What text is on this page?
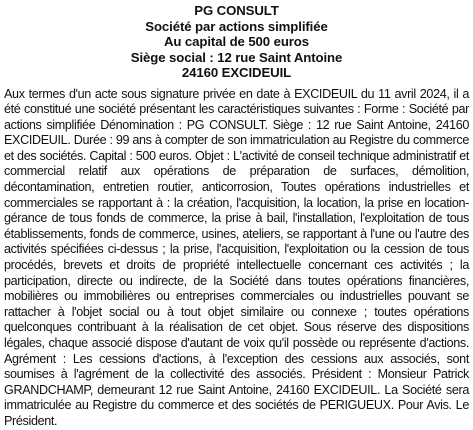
PG CONSULT
Société par actions simplifiée
Au capital de 500 euros
Siège social : 12 rue Saint Antoine
24160 EXCIDEUIL

Aux termes d'un acte sous signature privée en date à EXCIDEUIL du 11 avril 2024, il a été constitué une société présentant les caractéristiques suivantes : Forme : Société par actions simplifiée Dénomination : PG CONSULT. Siège : 12 rue Saint Antoine, 24160 EXCIDEUIL. Durée : 99 ans à compter de son immatriculation au Registre du commerce et des sociétés. Capital : 500 euros. Objet : L'activité de conseil technique administratif et commercial relatif aux opérations de préparation de surfaces, démolition, décontamination, entretien routier, anticorrosion, Toutes opérations industrielles et commerciales se rapportant à : la création, l'acquisition, la location, la prise en location-gérance de tous fonds de commerce, la prise à bail, l'installation, l'exploitation de tous établissements, fonds de commerce, usines, ateliers, se rapportant à l'une ou l'autre des activités spécifiées ci-dessus ; la prise, l'acquisition, l'exploitation ou la cession de tous procédés, brevets et droits de propriété intellectuelle concernant ces activités ; la participation, directe ou indirecte, de la Société dans toutes opérations financières, mobilières ou immobilières ou entreprises commerciales ou industrielles pouvant se rattacher à l'objet social ou à tout objet similaire ou connexe ; toutes opérations quelconques contribuant à la réalisation de cet objet. Sous réserve des dispositions légales, chaque associé dispose d'autant de voix qu'il possède ou représente d'actions. Agrément : Les cessions d'actions, à l'exception des cessions aux associés, sont soumises à l'agrément de la collectivité des associés. Président : Monsieur Patrick GRANDCHAMP, demeurant 12 rue Saint Antoine, 24160 EXCIDEUIL. La Société sera immatriculée au Registre du commerce et des sociétés de PERIGUEUX. Pour Avis. Le Président.
